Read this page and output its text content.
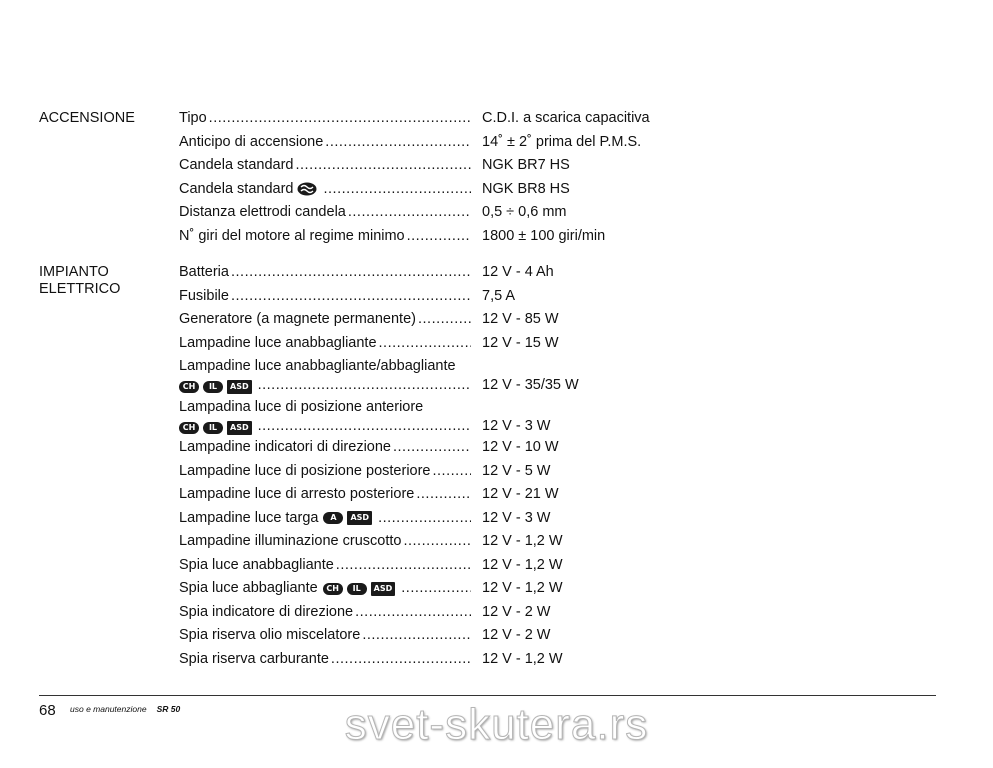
ACCENSIONE	Tipo .....	C.D.I. a scarica capacitiva
Anticipo di accensione .....	14˚ ± 2˚ prima del P.M.S.
Candela standard .....	NGK BR7 HS
Candela standard .....	NGK BR8 HS
Distanza elettrodi candela .....	0,5 ÷ 0,6 mm
N˚ giri del motore al regime minimo .....	1800 ± 100 giri/min
IMPIANTO
ELETTRICO
Batteria .....	12 V - 4 Ah
Fusibile .....	7,5 A
Generatore (a magnete permanente) .....	12 V - 85 W
Lampadine luce anabbagliante .....	12 V - 15 W
Lampadine luce anabbagliante/abbagliante
CH	IL	ASD .....	12 V - 35/35 W
Lampadina luce di posizione anteriore
CH	IL	ASD .....	12 V - 3 W
Lampadine indicatori di direzione .....	12 V - 10 W
Lampadine luce di posizione posteriore .....	12 V - 5 W
Lampadine luce di arresto posteriore .....	12 V - 21 W
Lampadine luce targa	A	ASD .....	12 V - 3 W
Lampadine illuminazione cruscotto .....	12 V - 1,2 W
Spia luce anabbagliante .....	12 V - 1,2 W
Spia luce abbagliante	CH	IL	ASD .....	12 V - 1,2 W
Spia indicatore di direzione .....	12 V - 2 W
Spia riserva olio miscelatore .....	12 V - 2 W
Spia riserva carburante .....	12 V - 1,2 W
68 uso e manutenzione SR 50	svet-skutera.rs
